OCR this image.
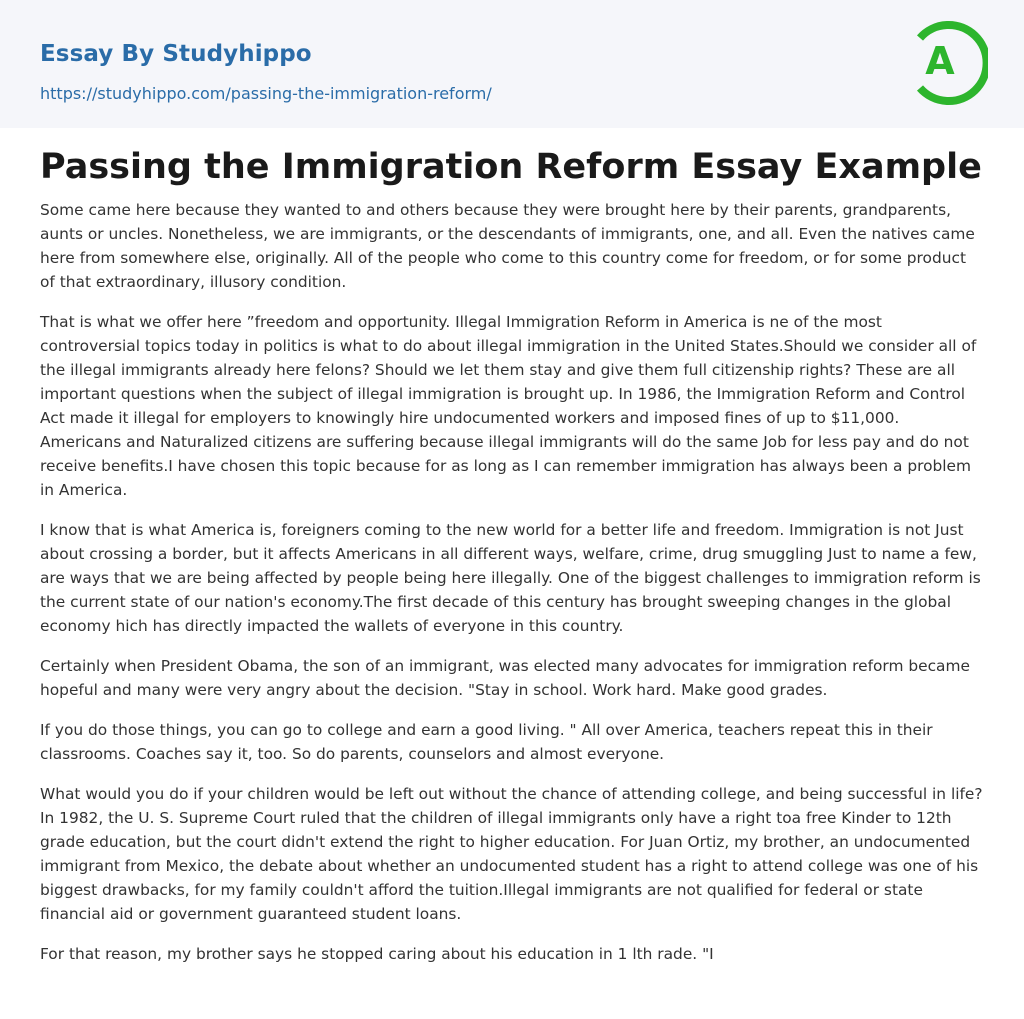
Essay By Studyhippo
https://studyhippo.com/passing-the-immigration-reform/
A
Passing the Immigration Reform Essay Example

Some came here because they wanted to and others because they were brought here by their parents, grandparents, aunts or uncles. Nonetheless, we are immigrants, or the descendants of immigrants, one, and all. Even the natives came here from somewhere else, originally. All of the people who come to this country come for freedom, or for some product of that extraordinary, illusory condition.

That is what we offer here ”freedom and opportunity. Illegal Immigration Reform in America is ne of the most controversial topics today in politics is what to do about illegal immigration in the United States.Should we consider all of the illegal immigrants already here felons? Should we let them stay and give them full citizenship rights? These are all important questions when the subject of illegal immigration is brought up. In 1986, the Immigration Reform and Control Act made it illegal for employers to knowingly hire undocumented workers and imposed fines of up to $11,000. Americans and Naturalized citizens are suffering because illegal immigrants will do the same Job for less pay and do not receive benefits.I have chosen this topic because for as long as I can remember immigration has always been a problem in America.

I know that is what America is, foreigners coming to the new world for a better life and freedom. Immigration is not Just about crossing a border, but it affects Americans in all different ways, welfare, crime, drug smuggling Just to name a few, are ways that we are being affected by people being here illegally. One of the biggest challenges to immigration reform is the current state of our nation's economy.The first decade of this century has brought sweeping changes in the global economy hich has directly impacted the wallets of everyone in this country.

Certainly when President Obama, the son of an immigrant, was elected many advocates for immigration reform became hopeful and many were very angry about the decision. "Stay in school. Work hard. Make good grades.

If you do those things, you can go to college and earn a good living. " All over America, teachers repeat this in their classrooms. Coaches say it, too. So do parents, counselors and almost everyone.

What would you do if your children would be left out without the chance of attending college, and being successful in life? In 1982, the U. S. Supreme Court ruled that the children of illegal immigrants only have a right toa free Kinder to 12th grade education, but the court didn't extend the right to higher education. For Juan Ortiz, my brother, an undocumented immigrant from Mexico, the debate about whether an undocumented student has a right to attend college was one of his biggest drawbacks, for my family couldn't afford the tuition.Illegal immigrants are not qualified for federal or state financial aid or government guaranteed student loans.

For that reason, my brother says he stopped caring about his education in 1 lth rade. "I
